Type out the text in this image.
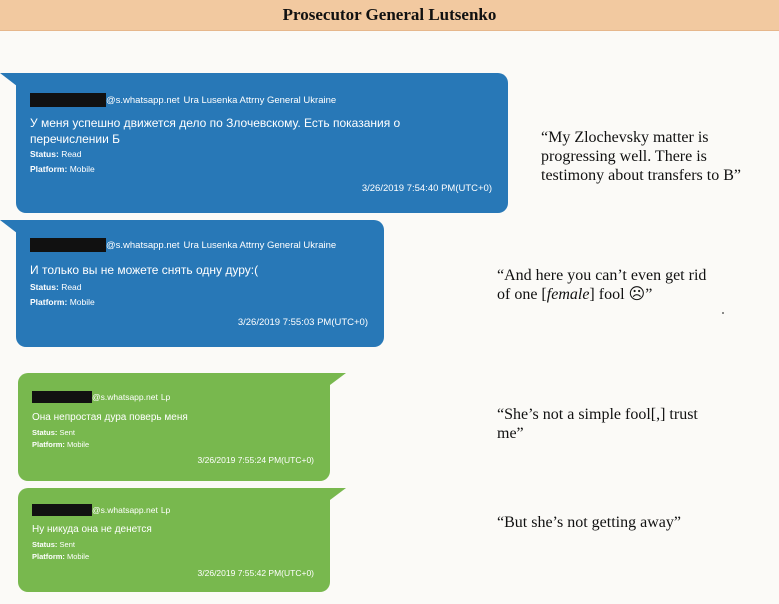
Prosecutor General Lutsenko
@s.whatsapp.net Ura Lusenka Attrny General Ukraine
У меня успешно движется дело по Злочевскому. Есть показания о перечислении Б
Status: Read
Platform: Mobile
3/26/2019 7:54:40 PM(UTC+0)
“My Zlochevsky matter is
progressing well. There is
testimony about transfers to B”
@s.whatsapp.net Ura Lusenka Attrny General Ukraine
И только вы не можете снять одну дуру:(
Status: Read
Platform: Mobile
3/26/2019 7:55:03 PM(UTC+0)
“And here you can’t even get rid
of one [female] fool ☹”
@s.whatsapp.net Lp
Она непростая дура поверь меня
Status: Sent
Platform: Mobile
3/26/2019 7:55:24 PM(UTC+0)
“She’s not a simple fool[,] trust
me”
@s.whatsapp.net Lp
Ну никуда она не денется
Status: Sent
Platform: Mobile
3/26/2019 7:55:42 PM(UTC+0)
“But she’s not getting away”
